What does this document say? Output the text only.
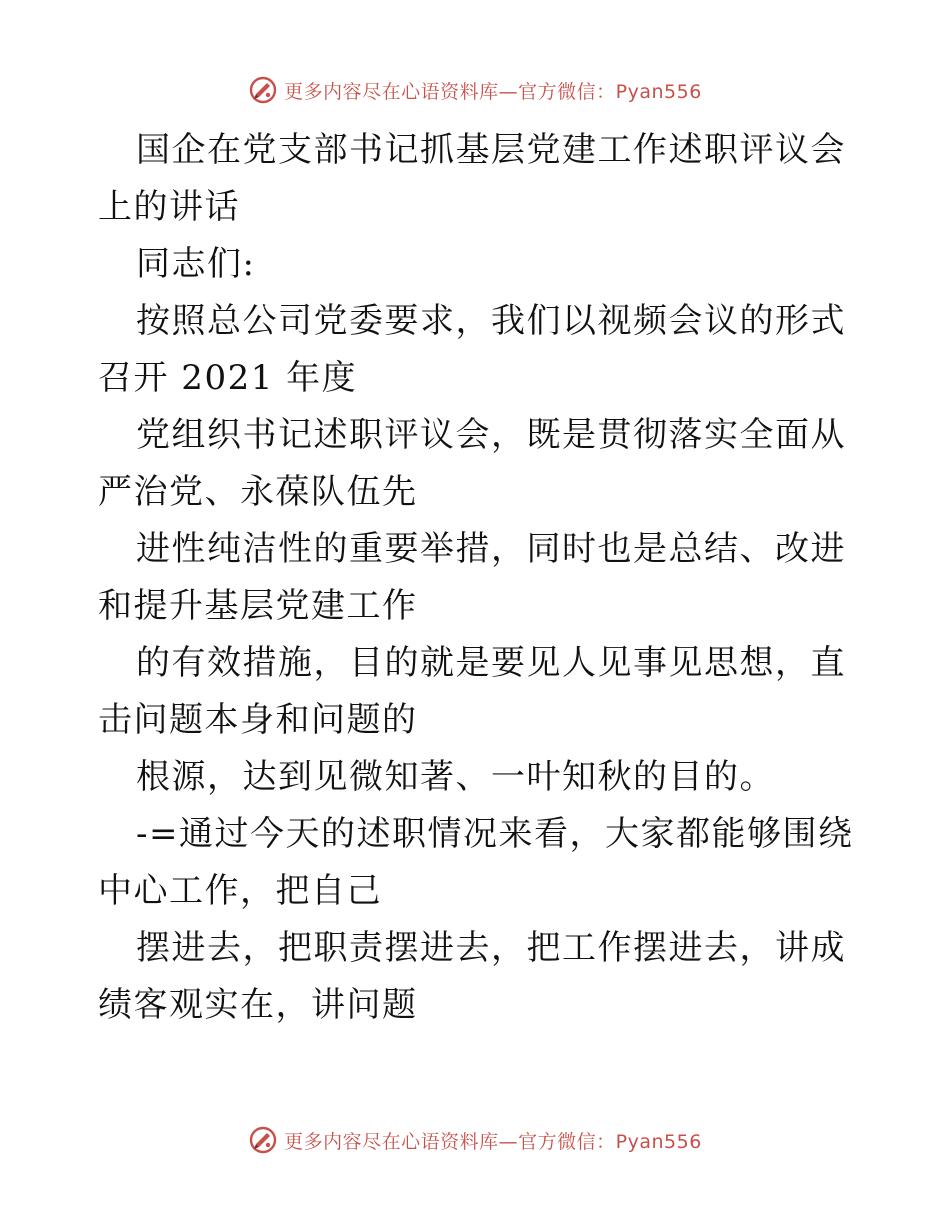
更多内容尽在心语资料库—官方微信：Pyan556

国企在党支部书记抓基层党建工作述职评议会上的讲话

同志们:

按照总公司党委要求，我们以视频会议的形式召开 2021 年度

党组织书记述职评议会，既是贯彻落实全面从严治党、永葆队伍先

进性纯洁性的重要举措，同时也是总结、改进和提升基层党建工作

的有效措施，目的就是要见人见事见思想，直击问题本身和问题的

根源，达到见微知著、一叶知秋的目的。

-=通过今天的述职情况来看，大家都能够围绕中心工作，把自己

摆进去，把职责摆进去，把工作摆进去，讲成绩客观实在，讲问题

更多内容尽在心语资料库—官方微信：Pyan556
